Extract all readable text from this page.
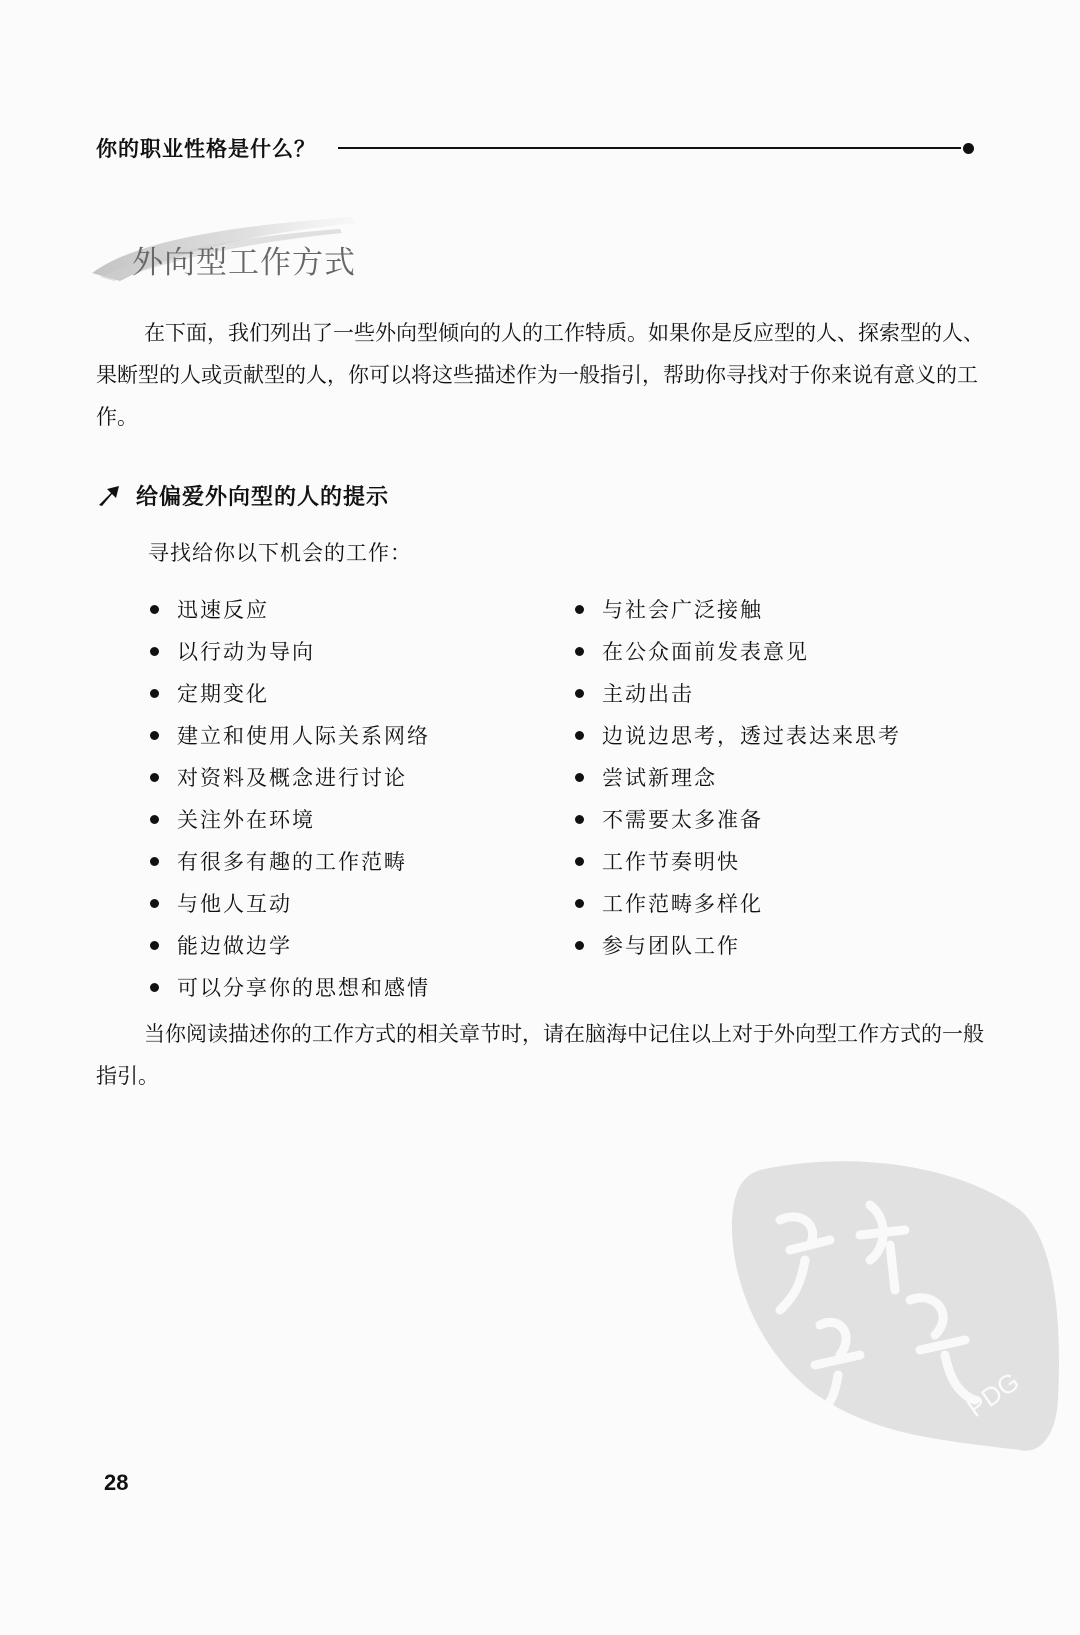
你的职业性格是什么？
外向型工作方式

在下面，我们列出了一些外向型倾向的人的工作特质。如果你是反应型的人、探索型的人、果断型的人或贡献型的人，你可以将这些描述作为一般指引，帮助你寻找对于你来说有意义的工作。

给偏爱外向型的人的提示
寻找给你以下机会的工作：
迅速反应
以行动为导向
定期变化
建立和使用人际关系网络
对资料及概念进行讨论
关注外在环境
有很多有趣的工作范畴
与他人互动
能边做边学
可以分享你的思想和感情
与社会广泛接触
在公众面前发表意见
主动出击
边说边思考，透过表达来思考
尝试新理念
不需要太多准备
工作节奏明快
工作范畴多样化
参与团队工作

当你阅读描述你的工作方式的相关章节时，请在脑海中记住以上对于外向型工作方式的一般指引。

28
PDG
